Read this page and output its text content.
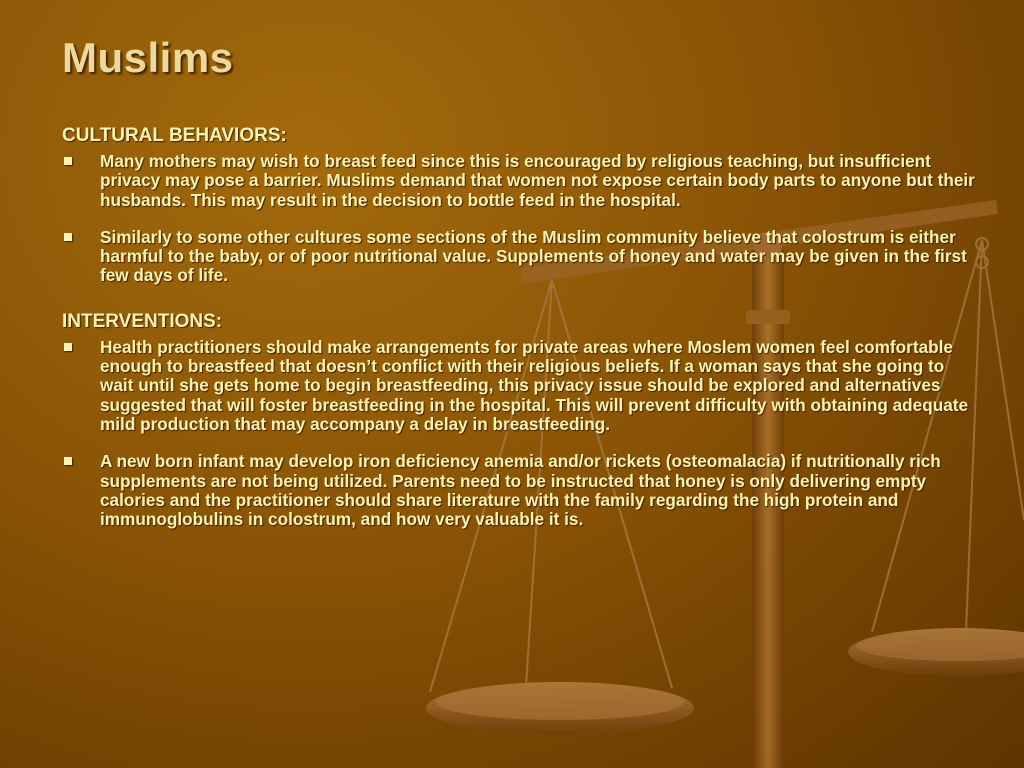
Muslims

CULTURAL BEHAVIORS:

Many mothers may wish to breast feed since this is encouraged by religious teaching, but insufficient privacy may pose a barrier. Muslims demand that women not expose certain body parts to anyone but their husbands. This may result in the decision to bottle feed in the hospital.

Similarly to some other cultures some sections of the Muslim community believe that colostrum is either harmful to the baby, or of poor nutritional value. Supplements of honey and water may be given in the first few days of life.

INTERVENTIONS:

Health practitioners should make arrangements for private areas where Moslem women feel comfortable enough to breastfeed that doesn’t conflict with their religious beliefs. If a woman says that she going to wait until she gets home to begin breastfeeding, this privacy issue should be explored and alternatives suggested that will foster breastfeeding in the hospital. This will prevent difficulty with obtaining adequate mild production that may accompany a delay in breastfeeding.

A new born infant may develop iron deficiency anemia and/or rickets (osteomalacia) if nutritionally rich supplements are not being utilized. Parents need to be instructed that honey is only delivering empty calories and the practitioner should share literature with the family regarding the high protein and immunoglobulins in colostrum, and how very valuable it is.
